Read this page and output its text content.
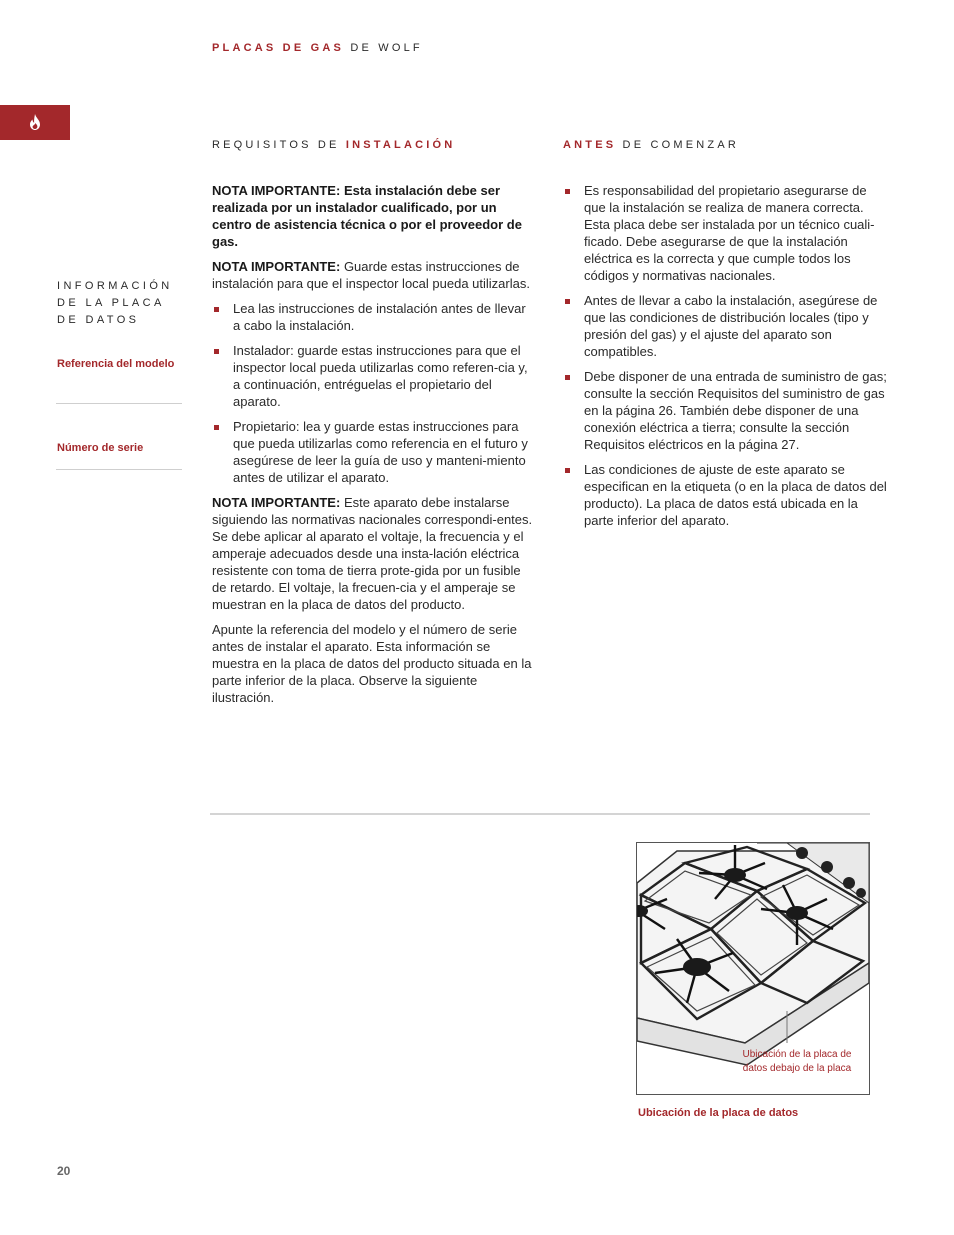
PLACAS DE GAS DE WOLF
INFORMACIÓN DE LA PLACA DE DATOS
Referencia del modelo
Número de serie
REQUISITOS DE INSTALACIÓN

NOTA IMPORTANTE: Esta instalación debe ser realizada por un instalador cualificado, por un centro de asistencia técnica o por el proveedor de gas.

NOTA IMPORTANTE: Guarde estas instrucciones de instalación para que el inspector local pueda utilizarlas.

Lea las instrucciones de instalación antes de llevar a cabo la instalación.
Instalador: guarde estas instrucciones para que el inspector local pueda utilizarlas como referen-cia y, a continuación, entréguelas el propietario del aparato.
Propietario: lea y guarde estas instrucciones para que pueda utilizarlas como referencia en el futuro y asegúrese de leer la guía de uso y manteni-miento antes de utilizar el aparato.

NOTA IMPORTANTE: Este aparato debe instalarse siguiendo las normativas nacionales correspondi-entes. Se debe aplicar al aparato el voltaje, la frecuencia y el amperaje adecuados desde una insta-lación eléctrica resistente con toma de tierra prote-gida por un fusible de retardo. El voltaje, la frecuen-cia y el amperaje se muestran en la placa de datos del producto.

Apunte la referencia del modelo y el número de serie antes de instalar el aparato. Esta información se muestra en la placa de datos del producto situada en la parte inferior de la placa. Observe la siguiente ilustración.

ANTES DE COMENZAR
Es responsabilidad del propietario asegurarse de que la instalación se realiza de manera correcta. Esta placa debe ser instalada por un técnico cuali-ficado. Debe asegurarse de que la instalación eléctrica es la correcta y que cumple todos los códigos y normativas nacionales.
Antes de llevar a cabo la instalación, asegúrese de que las condiciones de distribución locales (tipo y presión del gas) y el ajuste del aparato son compatibles.
Debe disponer de una entrada de suministro de gas; consulte la sección Requisitos del suministro de gas en la página 26. También debe disponer de una conexión eléctrica a tierra; consulte la sección Requisitos eléctricos en la página 27.
Las condiciones de ajuste de este aparato se especifican en la etiqueta (o en la placa de datos del producto). La placa de datos está ubicada en la parte inferior del aparato.
Ubicación de la placa de datos debajo de la placa
Ubicación de la placa de datos
20
